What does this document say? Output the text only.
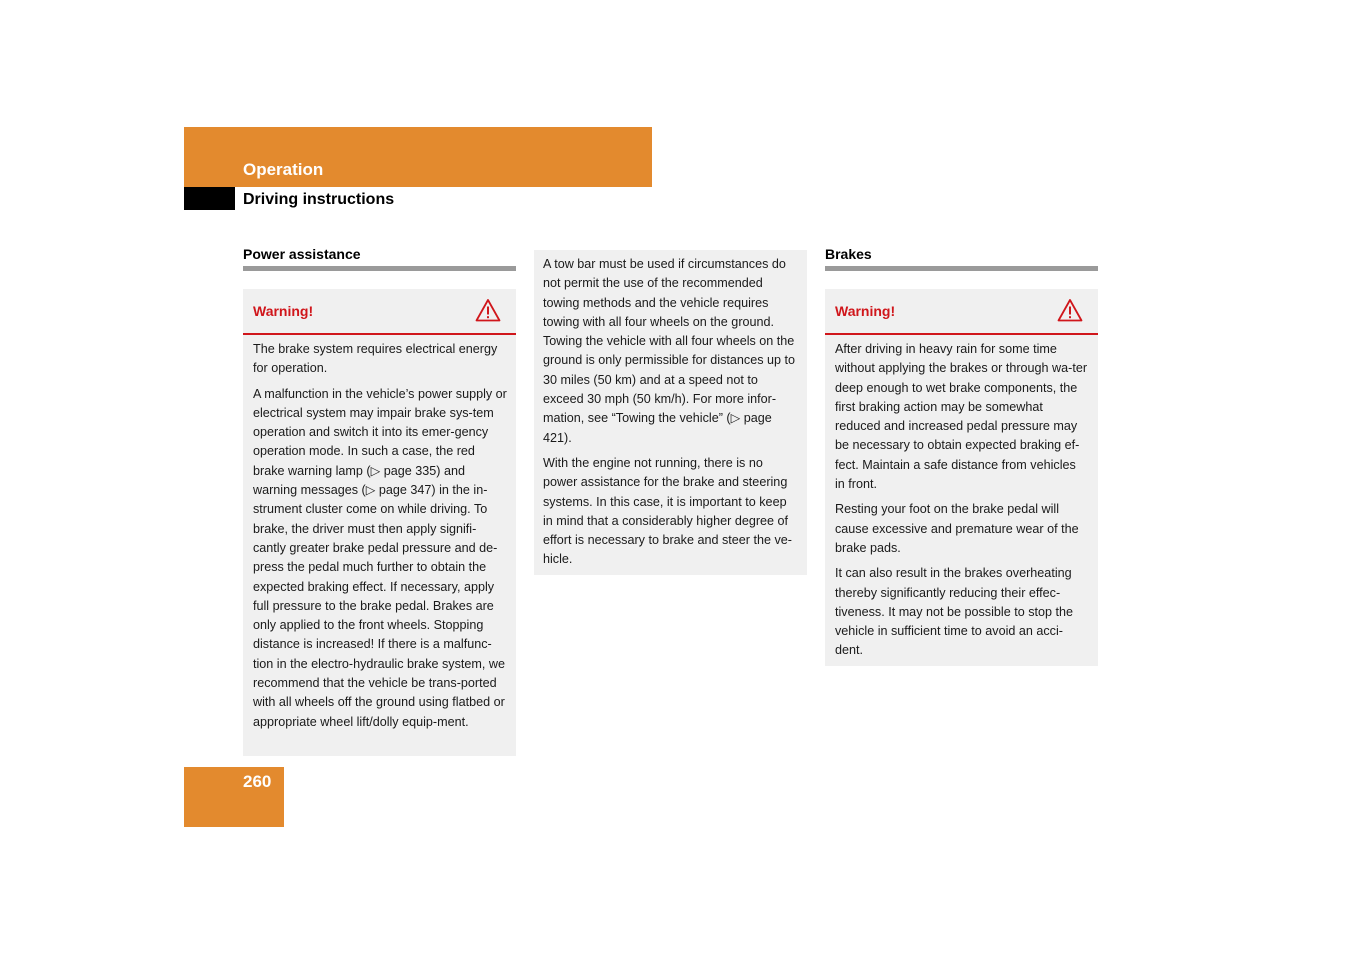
Operation
Driving instructions
Power assistance
Warning!

The brake system requires electrical energy for operation.

A malfunction in the vehicle’s power supply or electrical system may impair brake sys-tem operation and switch it into its emer-gency operation mode. In such a case, the red brake warning lamp (▷ page 335) and warning messages (▷ page 347) in the in-strument cluster come on while driving. To brake, the driver must then apply signifi-cantly greater brake pedal pressure and de-press the pedal much further to obtain the expected braking effect. If necessary, apply full pressure to the brake pedal. Brakes are only applied to the front wheels. Stopping distance is increased! If there is a malfunc-tion in the electro-hydraulic brake system, we recommend that the vehicle be trans-ported with all wheels off the ground using flatbed or appropriate wheel lift/dolly equip-ment.

A tow bar must be used if circumstances do not permit the use of the recommended towing methods and the vehicle requires towing with all four wheels on the ground. Towing the vehicle with all four wheels on the ground is only permissible for distances up to 30 miles (50 km) and at a speed not to exceed 30 mph (50 km/h). For more infor-mation, see “Towing the vehicle” (▷ page 421).

With the engine not running, there is no power assistance for the brake and steering systems. In this case, it is important to keep in mind that a considerably higher degree of effort is necessary to brake and steer the ve-hicle.

Brakes
Warning!

After driving in heavy rain for some time without applying the brakes or through wa-ter deep enough to wet brake components, the first braking action may be somewhat reduced and increased pedal pressure may be necessary to obtain expected braking ef-fect. Maintain a safe distance from vehicles in front.

Resting your foot on the brake pedal will cause excessive and premature wear of the brake pads.

It can also result in the brakes overheating thereby significantly reducing their effec-tiveness. It may not be possible to stop the vehicle in sufficient time to avoid an acci-dent.

260
